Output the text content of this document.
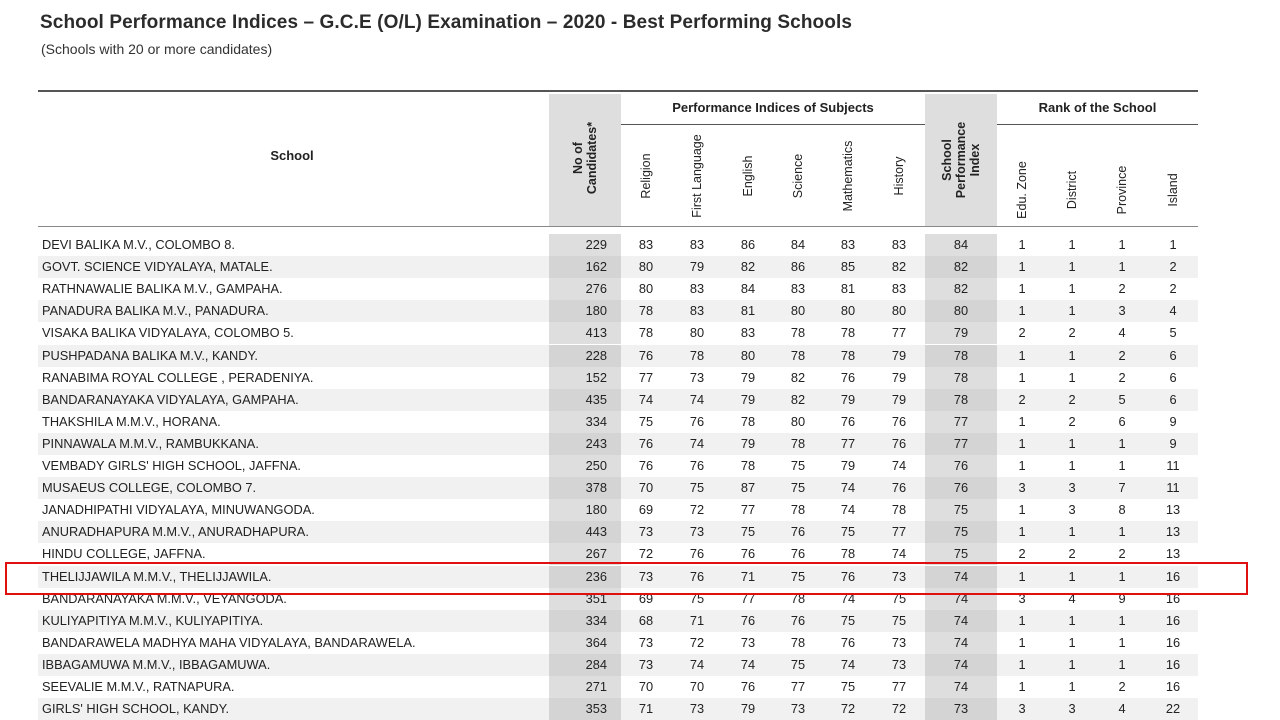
School Performance Indices – G.C.E (O/L) Examination – 2020 - Best Performing Schools
(Schools with 20 or more candidates)
School
Performance Indices of Subjects	Rank of the School
No of Candidates*	School Performance Index
Religion	First Language	English	Science	Mathematics	History	Edu. Zone	District	Province	Island
DEVI BALIKA M.V., COLOMBO 8.	229	83	83	86	84	83	83	84	1	1	1	1
GOVT. SCIENCE VIDYALAYA, MATALE.	162	80	79	82	86	85	82	82	1	1	1	2
RATHNAWALIE BALIKA M.V., GAMPAHA.	276	80	83	84	83	81	83	82	1	1	2	2
PANADURA BALIKA M.V., PANADURA.	180	78	83	81	80	80	80	80	1	1	3	4
VISAKA BALIKA VIDYALAYA, COLOMBO 5.	413	78	80	83	78	78	77	79	2	2	4	5
PUSHPADANA BALIKA M.V., KANDY.	228	76	78	80	78	78	79	78	1	1	2	6
RANABIMA ROYAL COLLEGE , PERADENIYA.	152	77	73	79	82	76	79	78	1	1	2	6
BANDARANAYAKA VIDYALAYA, GAMPAHA.	435	74	74	79	82	79	79	78	2	2	5	6
THAKSHILA M.M.V., HORANA.	334	75	76	78	80	76	76	77	1	2	6	9
PINNAWALA M.M.V., RAMBUKKANA.	243	76	74	79	78	77	76	77	1	1	1	9
VEMBADY GIRLS' HIGH SCHOOL, JAFFNA.	250	76	76	78	75	79	74	76	1	1	1	11
MUSAEUS COLLEGE, COLOMBO 7.	378	70	75	87	75	74	76	76	3	3	7	11
JANADHIPATHI VIDYALAYA, MINUWANGODA.	180	69	72	77	78	74	78	75	1	3	8	13
ANURADHAPURA M.M.V., ANURADHAPURA.	443	73	73	75	76	75	77	75	1	1	1	13
HINDU COLLEGE, JAFFNA.	267	72	76	76	76	78	74	75	2	2	2	13
THELIJJAWILA M.M.V., THELIJJAWILA.	236	73	76	71	75	76	73	74	1	1	1	16
BANDARANAYAKA M.M.V., VEYANGODA.	351	69	75	77	78	74	75	74	3	4	9	16
KULIYAPITIYA M.M.V., KULIYAPITIYA.	334	68	71	76	76	75	75	74	1	1	1	16
BANDARAWELA MADHYA MAHA VIDYALAYA, BANDARAWELA.	364	73	72	73	78	76	73	74	1	1	1	16
IBBAGAMUWA M.M.V., IBBAGAMUWA.	284	73	74	74	75	74	73	74	1	1	1	16
SEEVALIE M.M.V., RATNAPURA.	271	70	70	76	77	75	77	74	1	1	2	16
GIRLS' HIGH SCHOOL, KANDY.	353	71	73	79	73	72	72	73	3	3	4	22
